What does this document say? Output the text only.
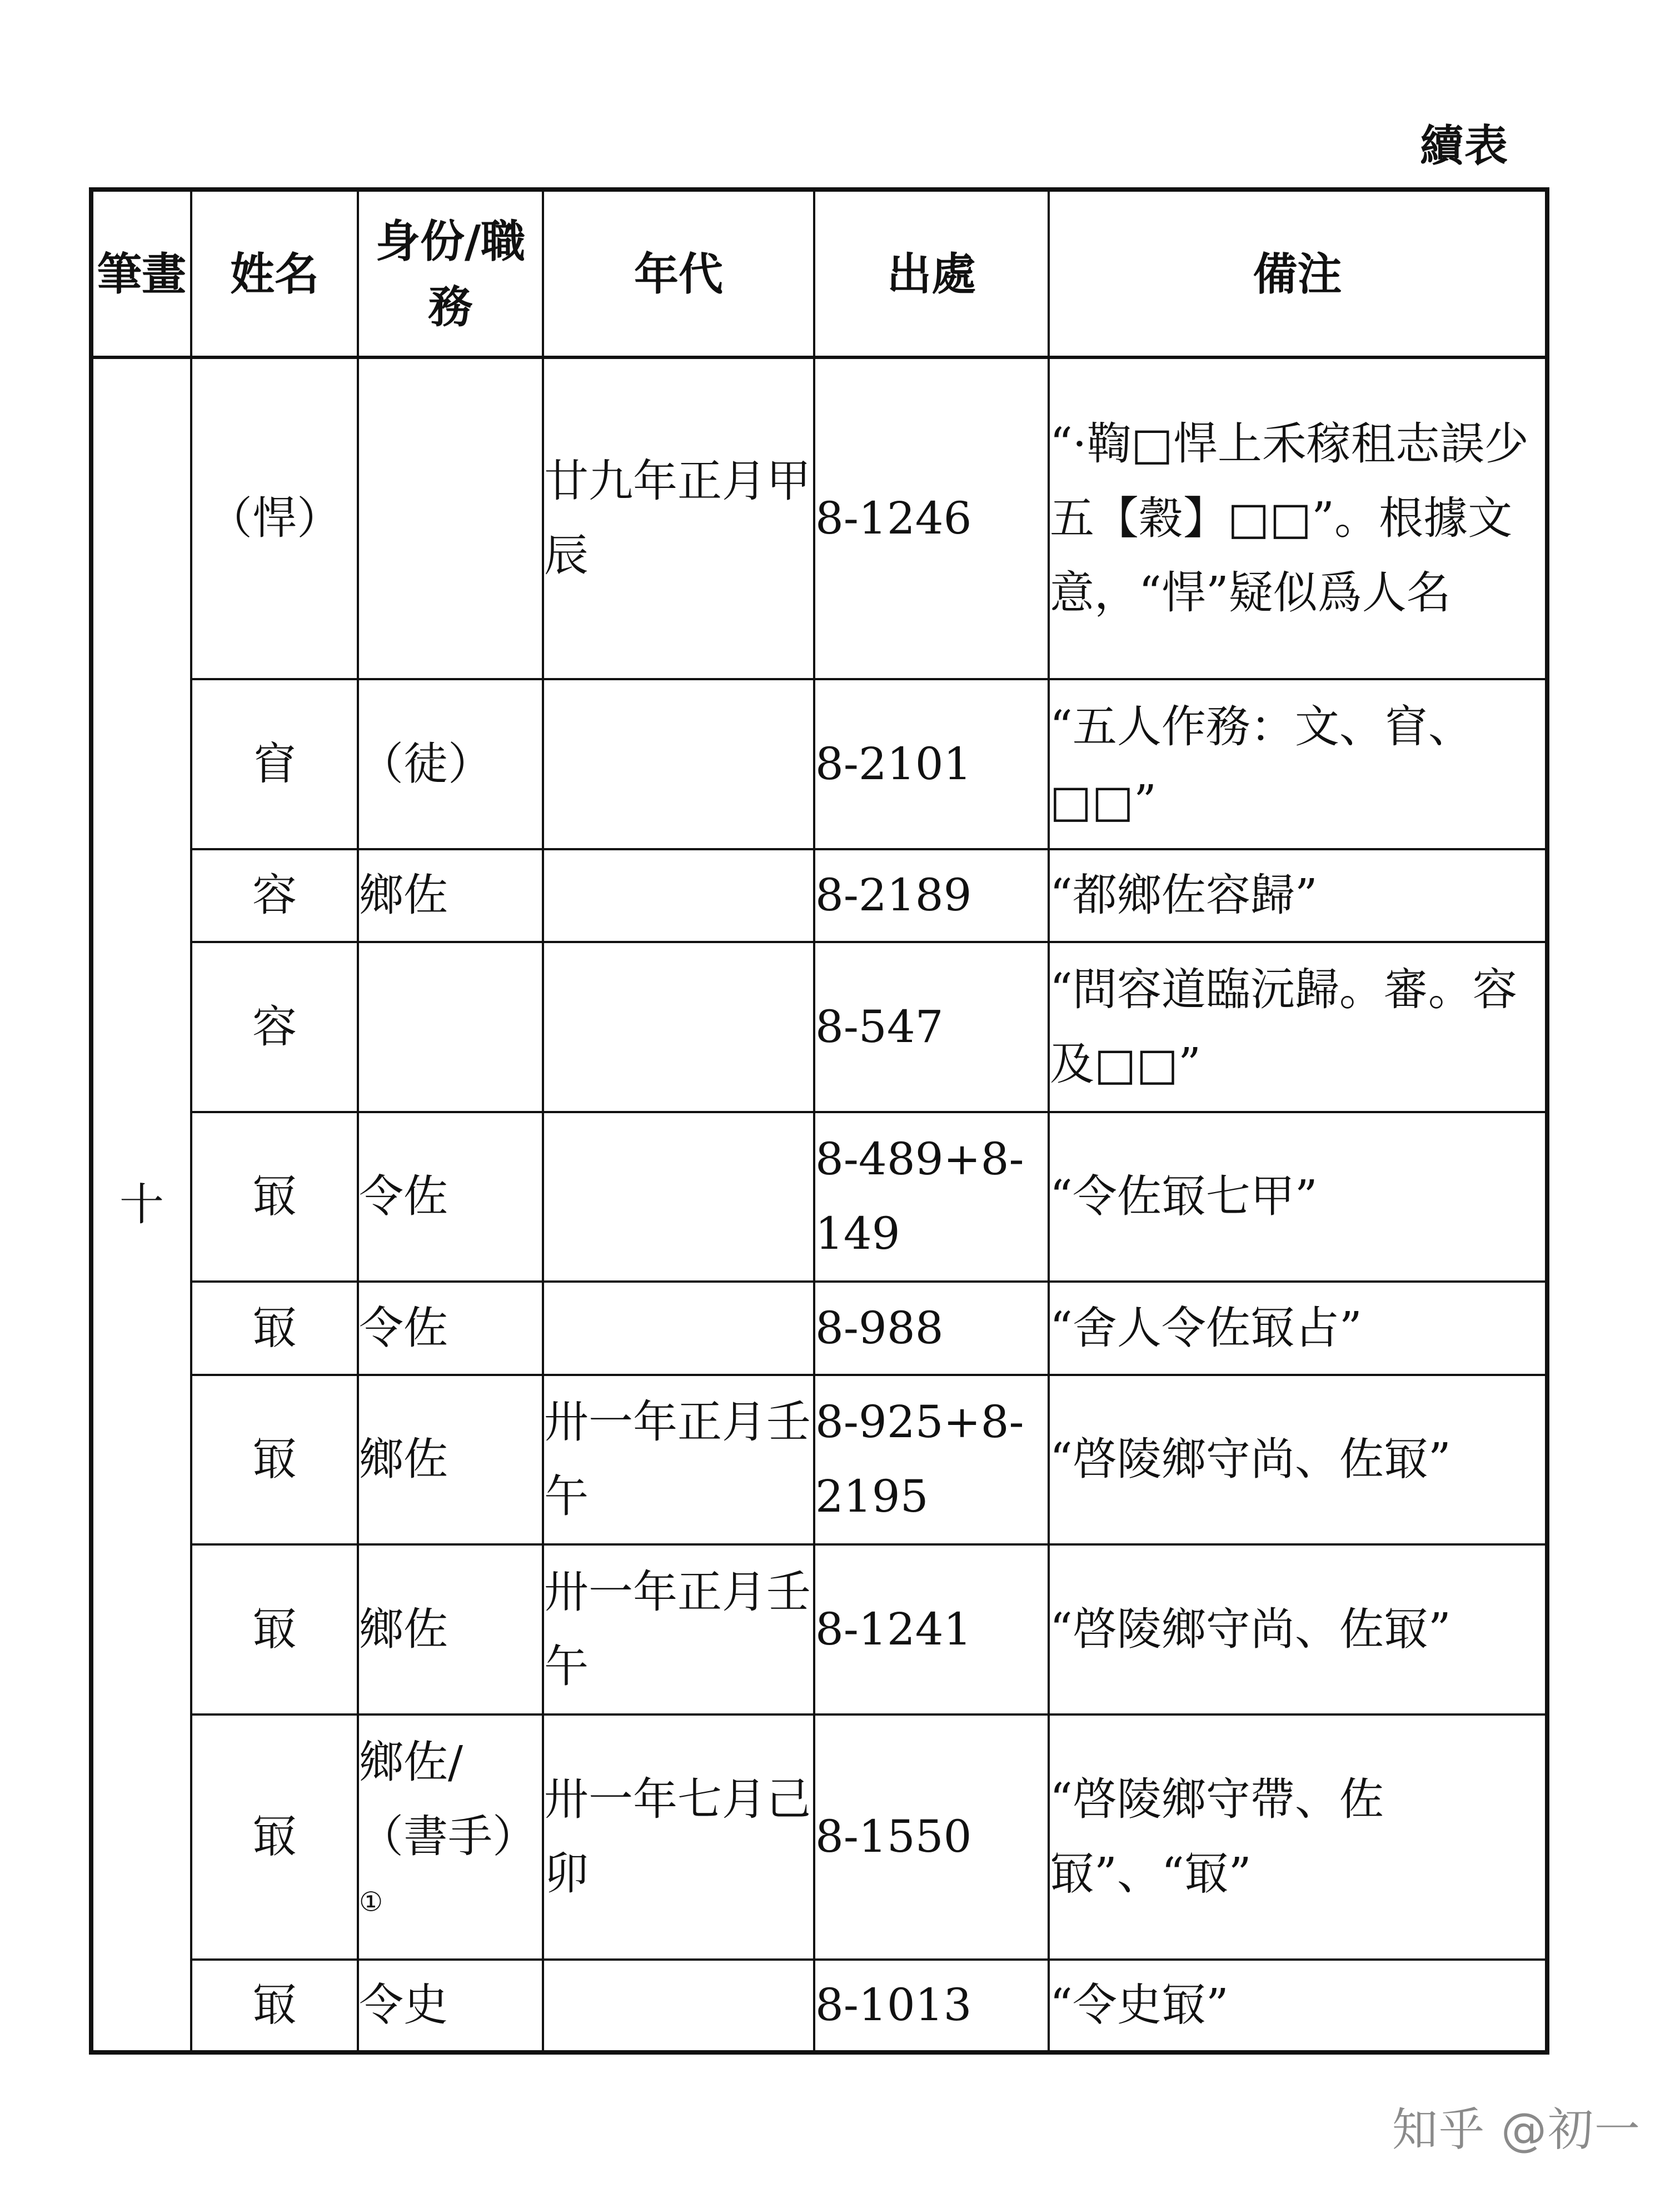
續表
筆畫	姓名	身份/職務	年代	出處	備注
十	（悍）		廿九年正月甲辰	8-1246	“·鞫□悍上禾稼租志誤少五【穀】□□”。根據文意，“悍”疑似爲人名
	窅	（徒）		8-2101	“五人作務：文、窅、□□”
	容	鄉佐		8-2189	“都鄉佐容歸”
	容			8-547	“問容道臨沅歸。審。容及□□”
	冣	令佐		8-489+8-149	“令佐冣七甲”
	冣	令佐		8-988	“舍人令佐冣占”
	冣	鄉佐	卅一年正月壬午	8-925+8-2195	“啓陵鄉守尚、佐冣”
	冣	鄉佐	卅一年正月壬午	8-1241	“啓陵鄉守尚、佐冣”
	冣	鄉佐/（書手）①	卅一年七月己卯	8-1550	“啓陵鄉守帶、佐冣”、“冣”
	冣	令史		8-1013	“令史冣”
知乎 @初一
